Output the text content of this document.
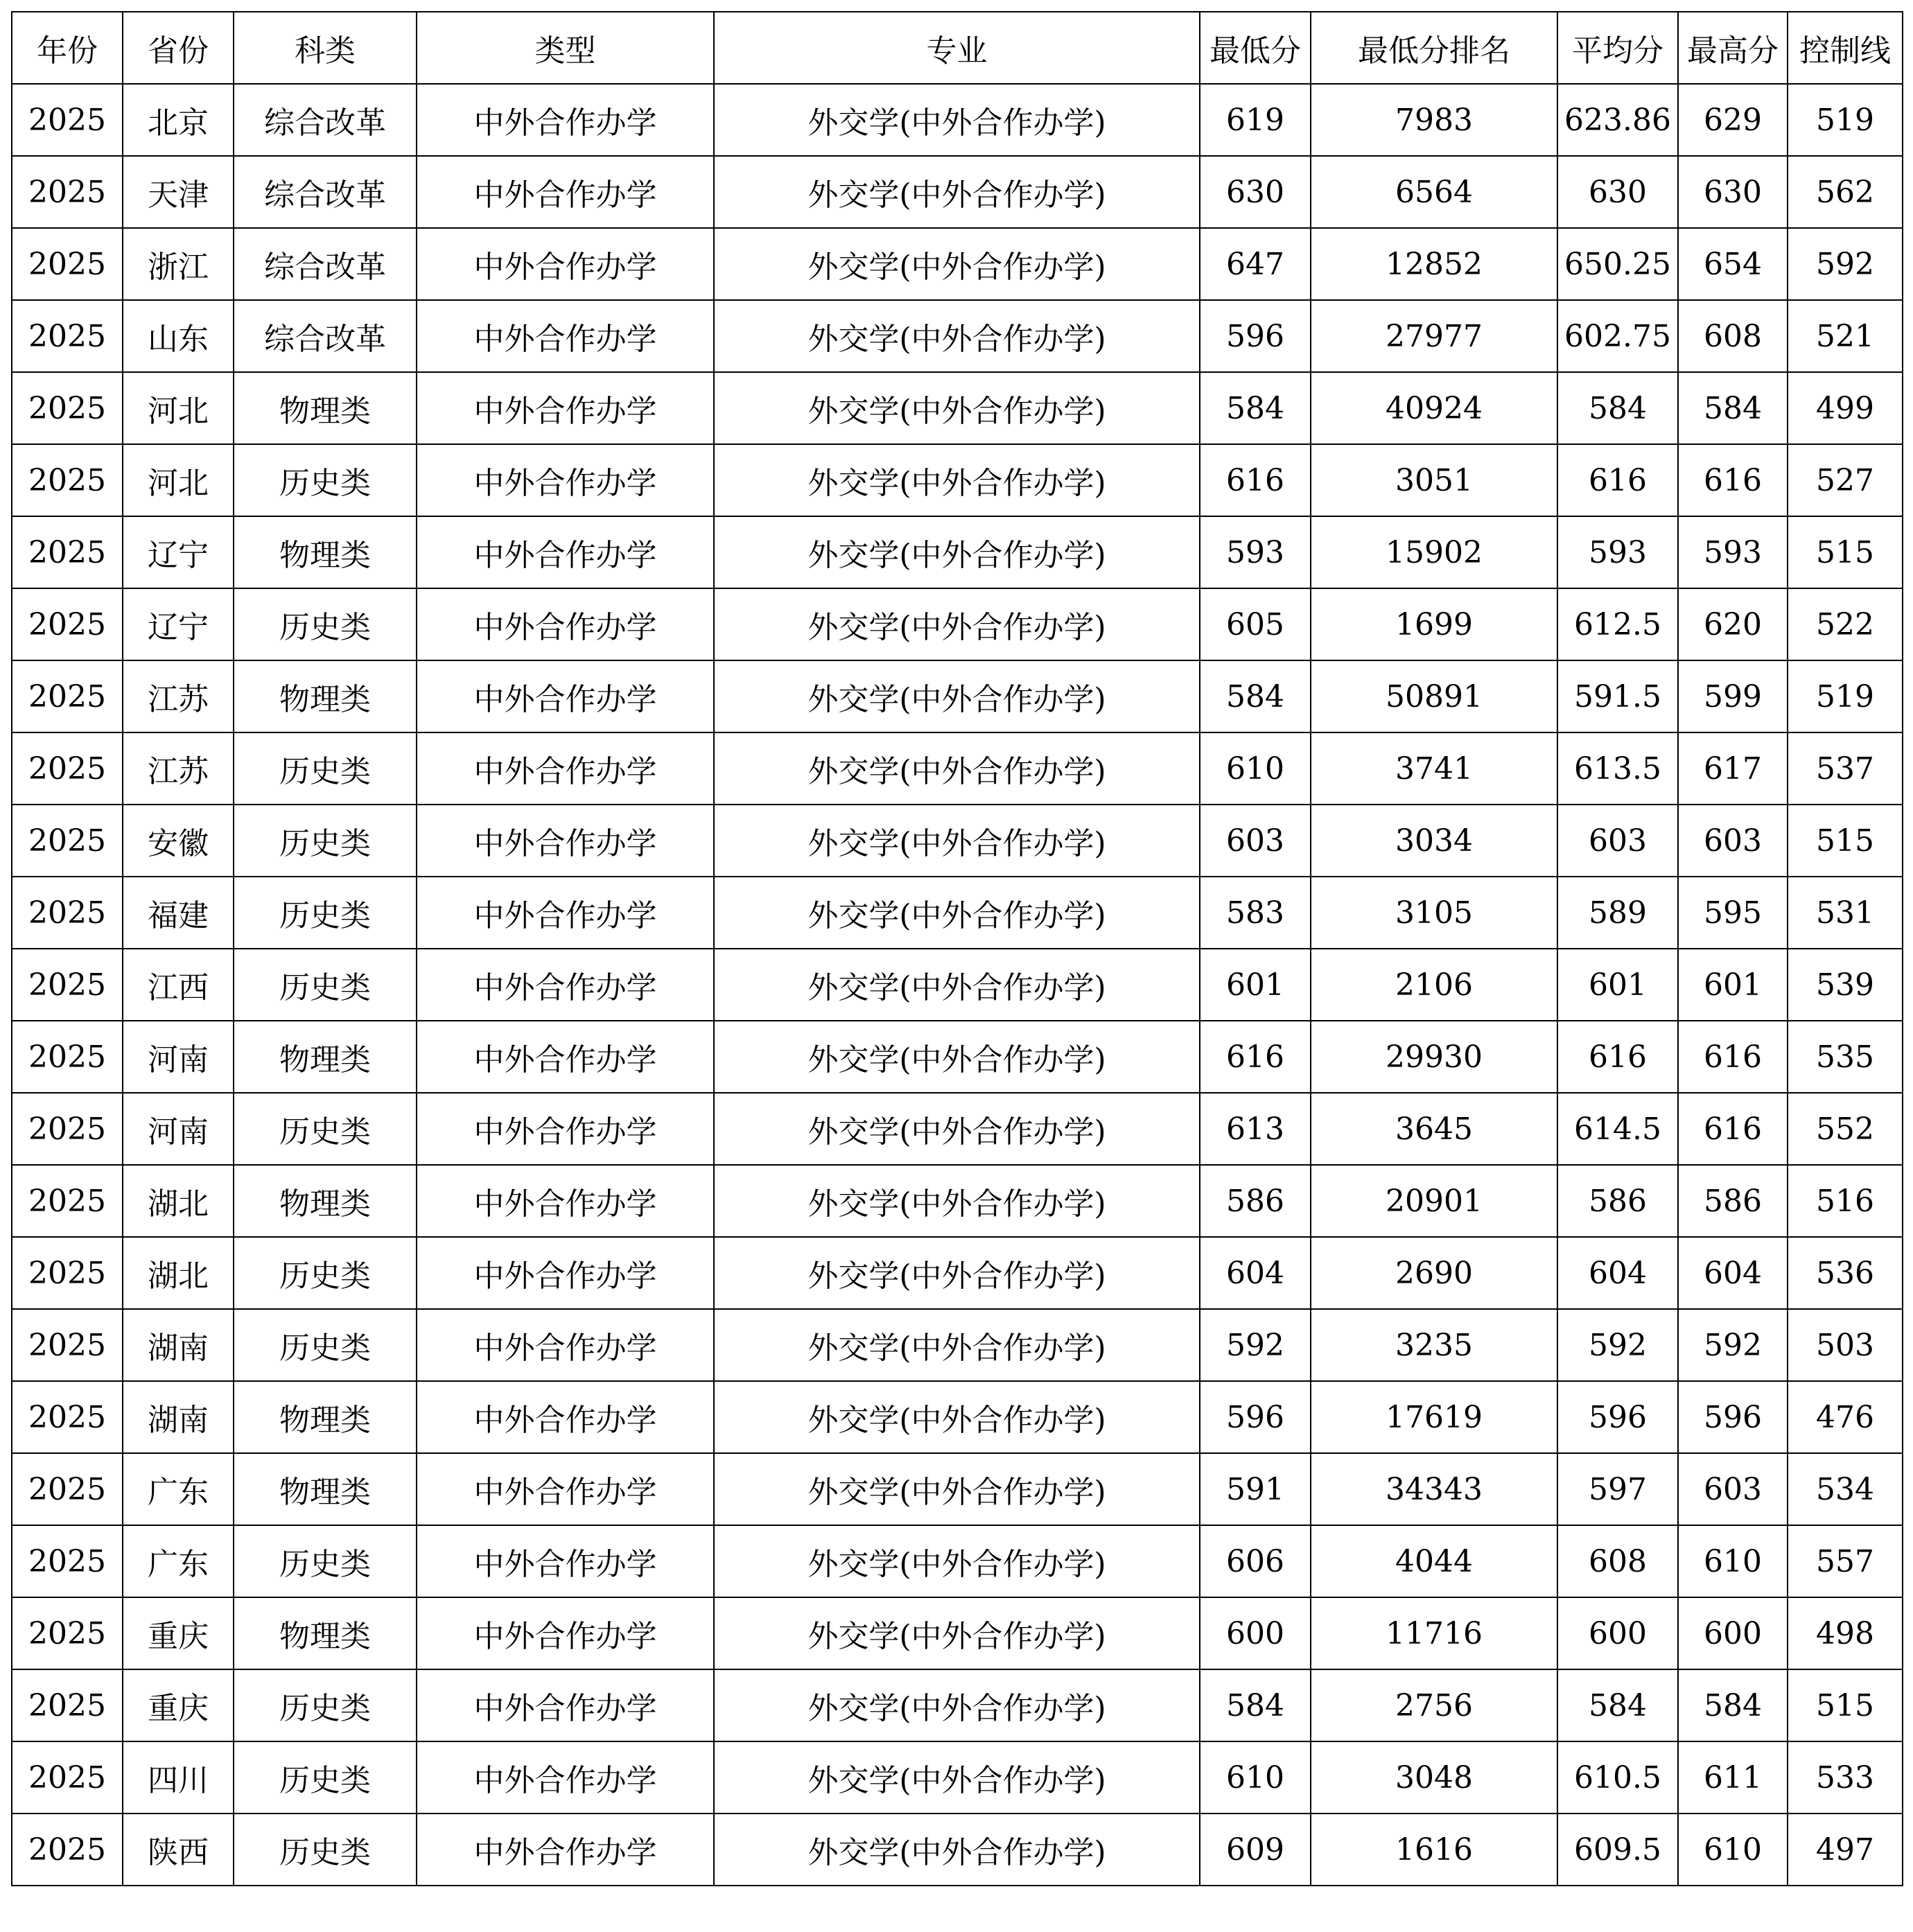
年份	省份	科类	类型	专业	最低分	最低分排名	平均分	最高分	控制线
2025	北京	综合改革	中外合作办学	外交学(中外合作办学)	619	7983	623.86	629	519
2025	天津	综合改革	中外合作办学	外交学(中外合作办学)	630	6564	630	630	562
2025	浙江	综合改革	中外合作办学	外交学(中外合作办学)	647	12852	650.25	654	592
2025	山东	综合改革	中外合作办学	外交学(中外合作办学)	596	27977	602.75	608	521
2025	河北	物理类	中外合作办学	外交学(中外合作办学)	584	40924	584	584	499
2025	河北	历史类	中外合作办学	外交学(中外合作办学)	616	3051	616	616	527
2025	辽宁	物理类	中外合作办学	外交学(中外合作办学)	593	15902	593	593	515
2025	辽宁	历史类	中外合作办学	外交学(中外合作办学)	605	1699	612.5	620	522
2025	江苏	物理类	中外合作办学	外交学(中外合作办学)	584	50891	591.5	599	519
2025	江苏	历史类	中外合作办学	外交学(中外合作办学)	610	3741	613.5	617	537
2025	安徽	历史类	中外合作办学	外交学(中外合作办学)	603	3034	603	603	515
2025	福建	历史类	中外合作办学	外交学(中外合作办学)	583	3105	589	595	531
2025	江西	历史类	中外合作办学	外交学(中外合作办学)	601	2106	601	601	539
2025	河南	物理类	中外合作办学	外交学(中外合作办学)	616	29930	616	616	535
2025	河南	历史类	中外合作办学	外交学(中外合作办学)	613	3645	614.5	616	552
2025	湖北	物理类	中外合作办学	外交学(中外合作办学)	586	20901	586	586	516
2025	湖北	历史类	中外合作办学	外交学(中外合作办学)	604	2690	604	604	536
2025	湖南	历史类	中外合作办学	外交学(中外合作办学)	592	3235	592	592	503
2025	湖南	物理类	中外合作办学	外交学(中外合作办学)	596	17619	596	596	476
2025	广东	物理类	中外合作办学	外交学(中外合作办学)	591	34343	597	603	534
2025	广东	历史类	中外合作办学	外交学(中外合作办学)	606	4044	608	610	557
2025	重庆	物理类	中外合作办学	外交学(中外合作办学)	600	11716	600	600	498
2025	重庆	历史类	中外合作办学	外交学(中外合作办学)	584	2756	584	584	515
2025	四川	历史类	中外合作办学	外交学(中外合作办学)	610	3048	610.5	611	533
2025	陕西	历史类	中外合作办学	外交学(中外合作办学)	609	1616	609.5	610	497
